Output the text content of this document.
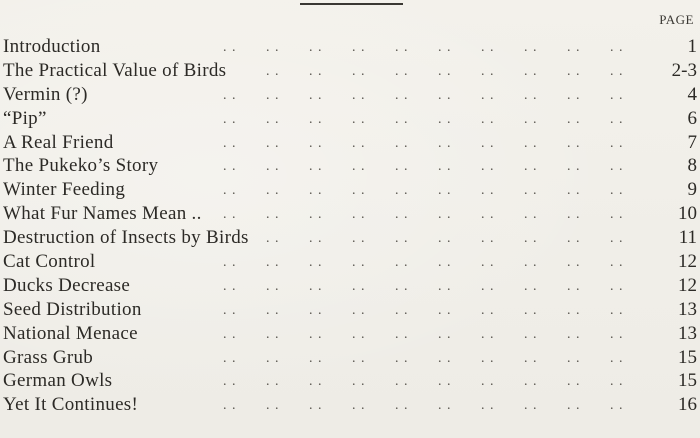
PAGE
. . . . . . . . . . . . . . . . . . . .
Introduction	1
. . . . . . . . . . . . . . . . . .
The Practical Value of Birds	2-3
. . . . . . . . . . . . . . . . . . . .
Vermin (?)	4
. . . . . . . . . . . . . . . . . . . .
“Pip”	6
. . . . . . . . . . . . . . . . . . . .
A Real Friend	7
. . . . . . . . . . . . . . . . . . . .
The Pukeko’s Story	8
. . . . . . . . . . . . . . . . . . . .
Winter Feeding	9
. . . . . . . . . . . . . . . . . . . .
What Fur Names Mean ..	10
. . . . . . . . . . . . . . . . . .
Destruction of Insects by Birds	11
. . . . . . . . . . . . . . . . . . . .
Cat Control	12
. . . . . . . . . . . . . . . . . . . .
Ducks Decrease	12
. . . . . . . . . . . . . . . . . . . .
Seed Distribution	13
. . . . . . . . . . . . . . . . . . . .
National Menace	13
. . . . . . . . . . . . . . . . . . . .
Grass Grub	15
. . . . . . . . . . . . . . . . . . . .
German Owls	15
. . . . . . . . . . . . . . . . . . . .
Yet It Continues!	16
